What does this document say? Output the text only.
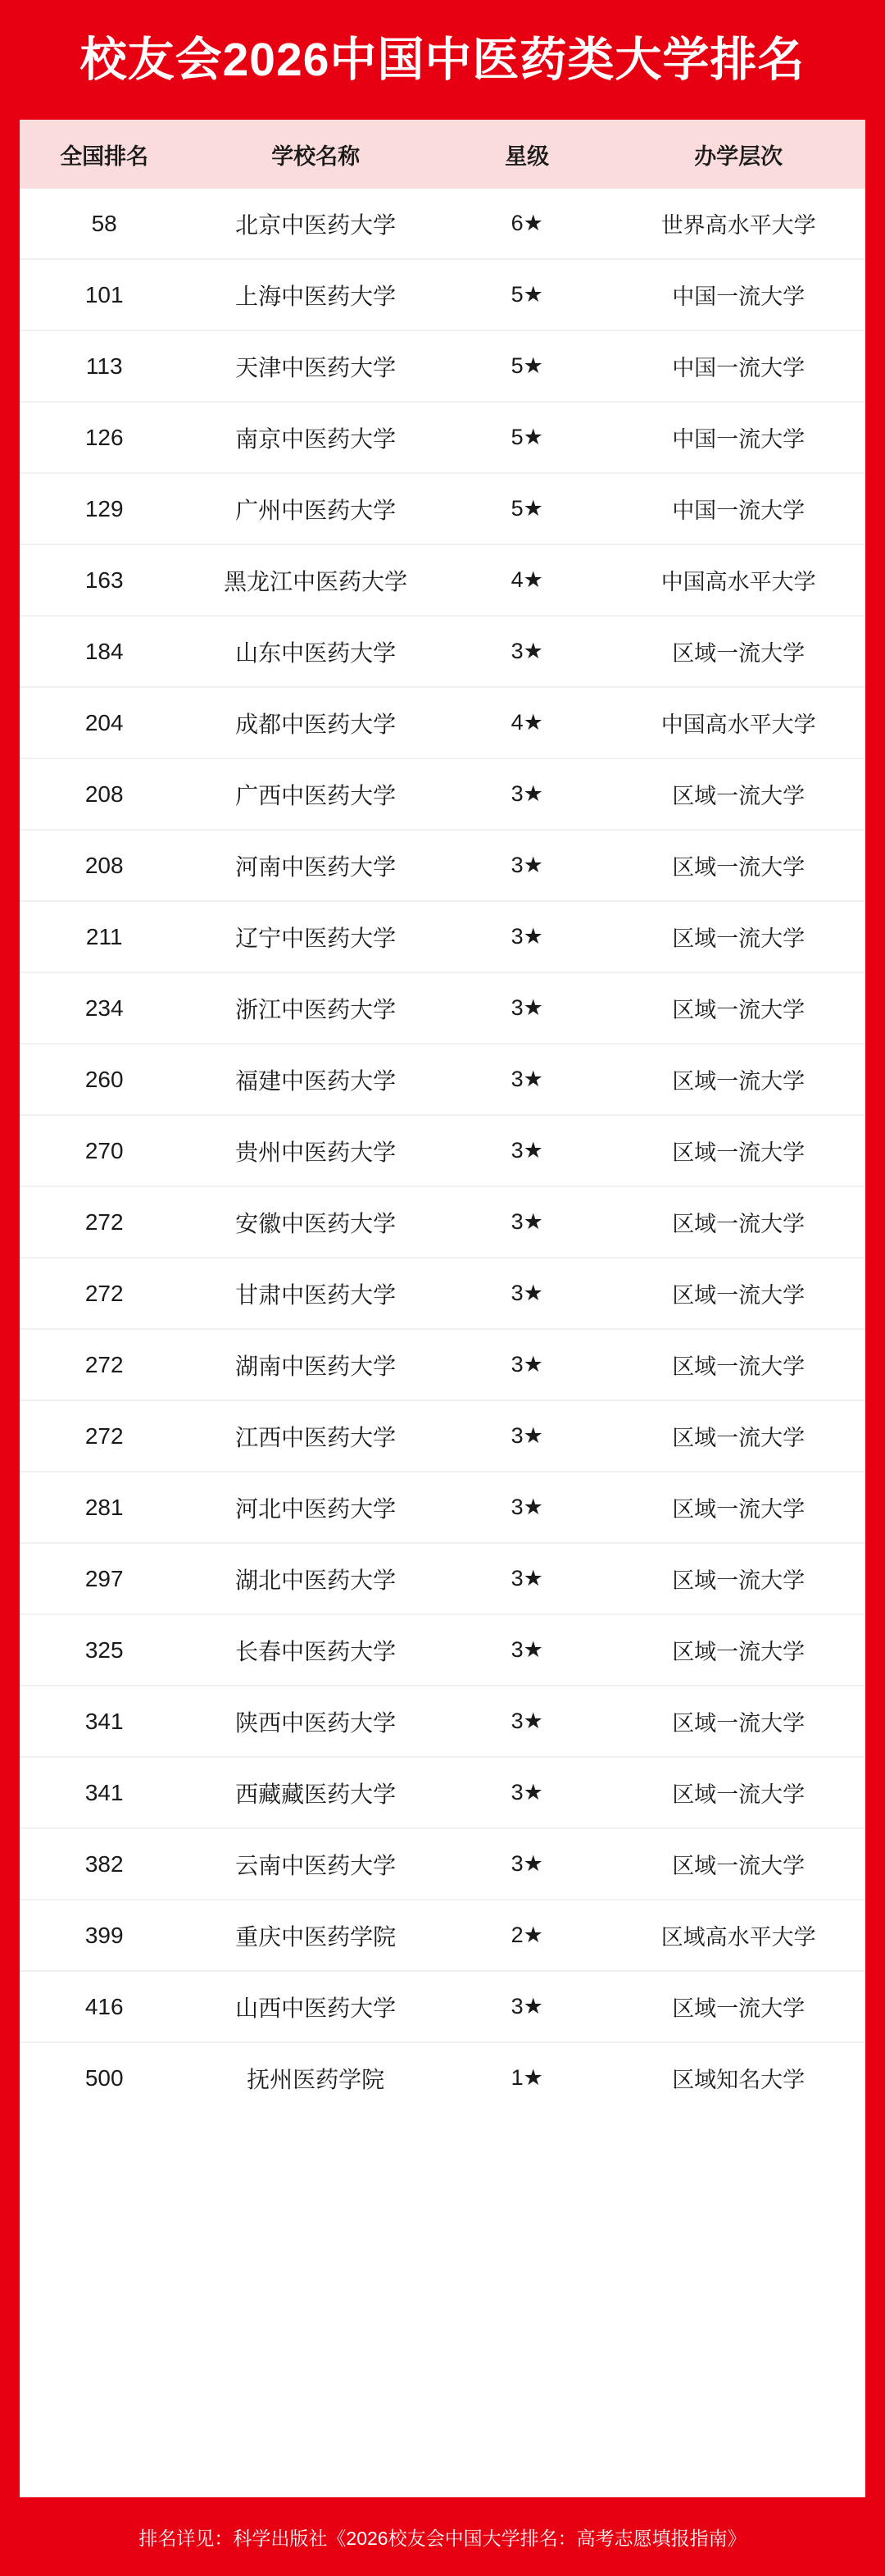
校友会2026中国中医药类大学排名
全国排名	学校名称	星级	办学层次
58	北京中医药大学	6★	世界高水平大学
101	上海中医药大学	5★	中国一流大学
113	天津中医药大学	5★	中国一流大学
126	南京中医药大学	5★	中国一流大学
129	广州中医药大学	5★	中国一流大学
163	黑龙江中医药大学	4★	中国高水平大学
184	山东中医药大学	3★	区域一流大学
204	成都中医药大学	4★	中国高水平大学
208	广西中医药大学	3★	区域一流大学
208	河南中医药大学	3★	区域一流大学
211	辽宁中医药大学	3★	区域一流大学
234	浙江中医药大学	3★	区域一流大学
260	福建中医药大学	3★	区域一流大学
270	贵州中医药大学	3★	区域一流大学
272	安徽中医药大学	3★	区域一流大学
272	甘肃中医药大学	3★	区域一流大学
272	湖南中医药大学	3★	区域一流大学
272	江西中医药大学	3★	区域一流大学
281	河北中医药大学	3★	区域一流大学
297	湖北中医药大学	3★	区域一流大学
325	长春中医药大学	3★	区域一流大学
341	陕西中医药大学	3★	区域一流大学
341	西藏藏医药大学	3★	区域一流大学
382	云南中医药大学	3★	区域一流大学
399	重庆中医药学院	2★	区域高水平大学
416	山西中医药大学	3★	区域一流大学
500	抚州医药学院	1★	区域知名大学
排名详见：科学出版社《2026校友会中国大学排名：高考志愿填报指南》
